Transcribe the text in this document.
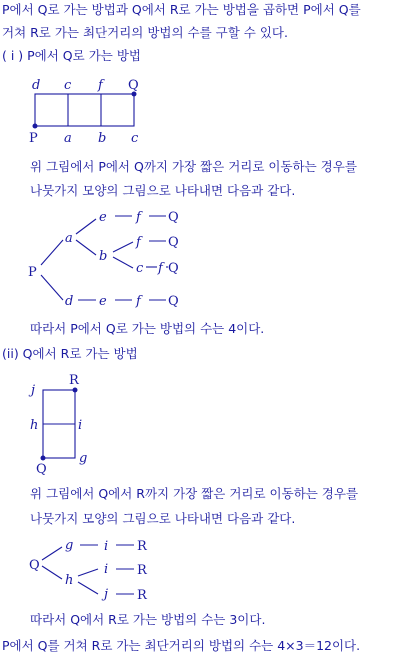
P에서 Q로 가는 방법과 Q에서 R로 가는 방법을 곱하면 P에서 Q를
거쳐 R로 가는 최단거리의 방법의 수를 구할 수 있다.
( i ) P에서 Q로 가는 방법
d c f Q
P a b c
위 그림에서 P에서 Q까지 가장 짧은 거리로 이동하는 경우를
나뭇가지 모양의 그림으로 나타내면 다음과 같다.
P
a
e f Q
b
f Q
c f Q
d e f Q
따라서 P에서 Q로 가는 방법의 수는 4이다.
(ii) Q에서 R로 가는 방법
j
R
h	i
Q
g
위 그림에서 Q에서 R까지 가장 짧은 거리로 이동하는 경우를
나뭇가지 모양의 그림으로 나타내면 다음과 같다.
Q
g i R
h
i R
j R
따라서 Q에서 R로 가는 방법의 수는 3이다.
P에서 Q를 거쳐 R로 가는 최단거리의 방법의 수는 4×3＝12이다.
